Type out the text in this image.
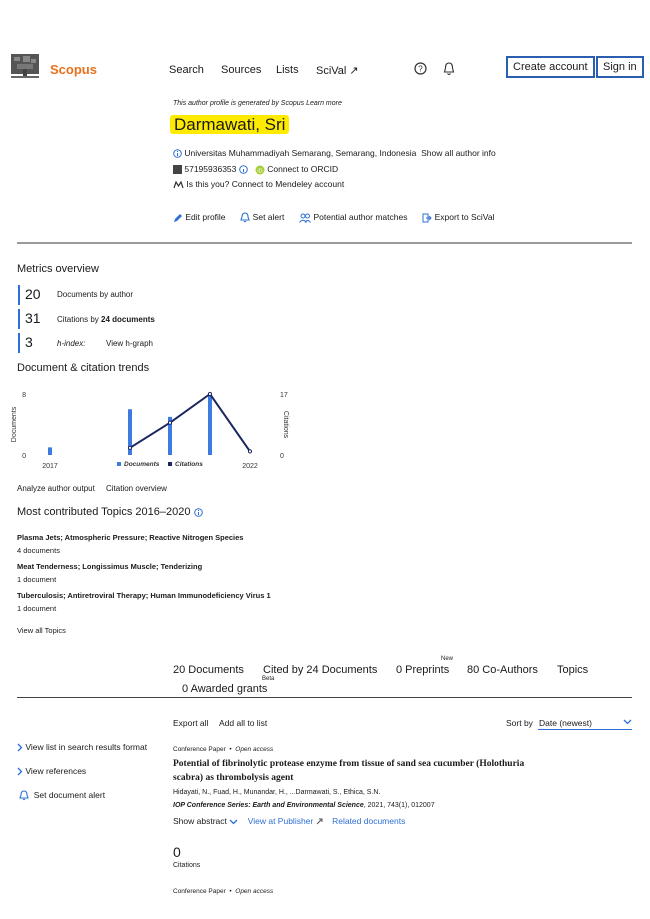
Scopus	Search Sources Lists SciVal ↗	?	Create account	Sign in
This author profile is generated by Scopus Learn more
Darmawati, Sri
Universitas Muhammadiyah Semarang, Semarang, Indonesia Show all author info
57195936353	iD Connect to ORCID
Is this you? Connect to Mendeley account
Edit profile	Set alert	Potential author matches	Export to SciVal
Metrics overview
20 Documents by author
31 Citations by 24 documents
3	h-index:	View h-graph
Document & citation trends
8
0
17
0
Documents	Citations
2017	2022
Documents Citations
Analyze author output Citation overview
Most contributed Topics 2016–2020
Plasma Jets; Atmospheric Pressure; Reactive Nitrogen Species
4 documents
Meat Tenderness; Longissimus Muscle; Tenderizing
1 document
Tuberculosis; Antiretroviral Therapy; Human Immunodeficiency Virus 1
1 document
View all Topics
20 Documents Cited by 24 Documents
New
0 Preprints 80 Co-Authors Topics
Beta
0 Awarded grants
Export all Add all to list	Sort by Date (newest)
View list in search results format
View references
Set document alert
Conference Paper  •  Open access
Potential of fibrinolytic protease enzyme from tissue of sand sea cucumber (Holothuria
scabra) as thrombolysis agent
Hidayati, N., Fuad, H., Munandar, H., ...Darmawati, S., Ethica, S.N.
IOP Conference Series: Earth and Environmental Science, 2021, 743(1), 012007
Show abstract View at Publisher Related documents
0
Citations
Conference Paper  •  Open access
